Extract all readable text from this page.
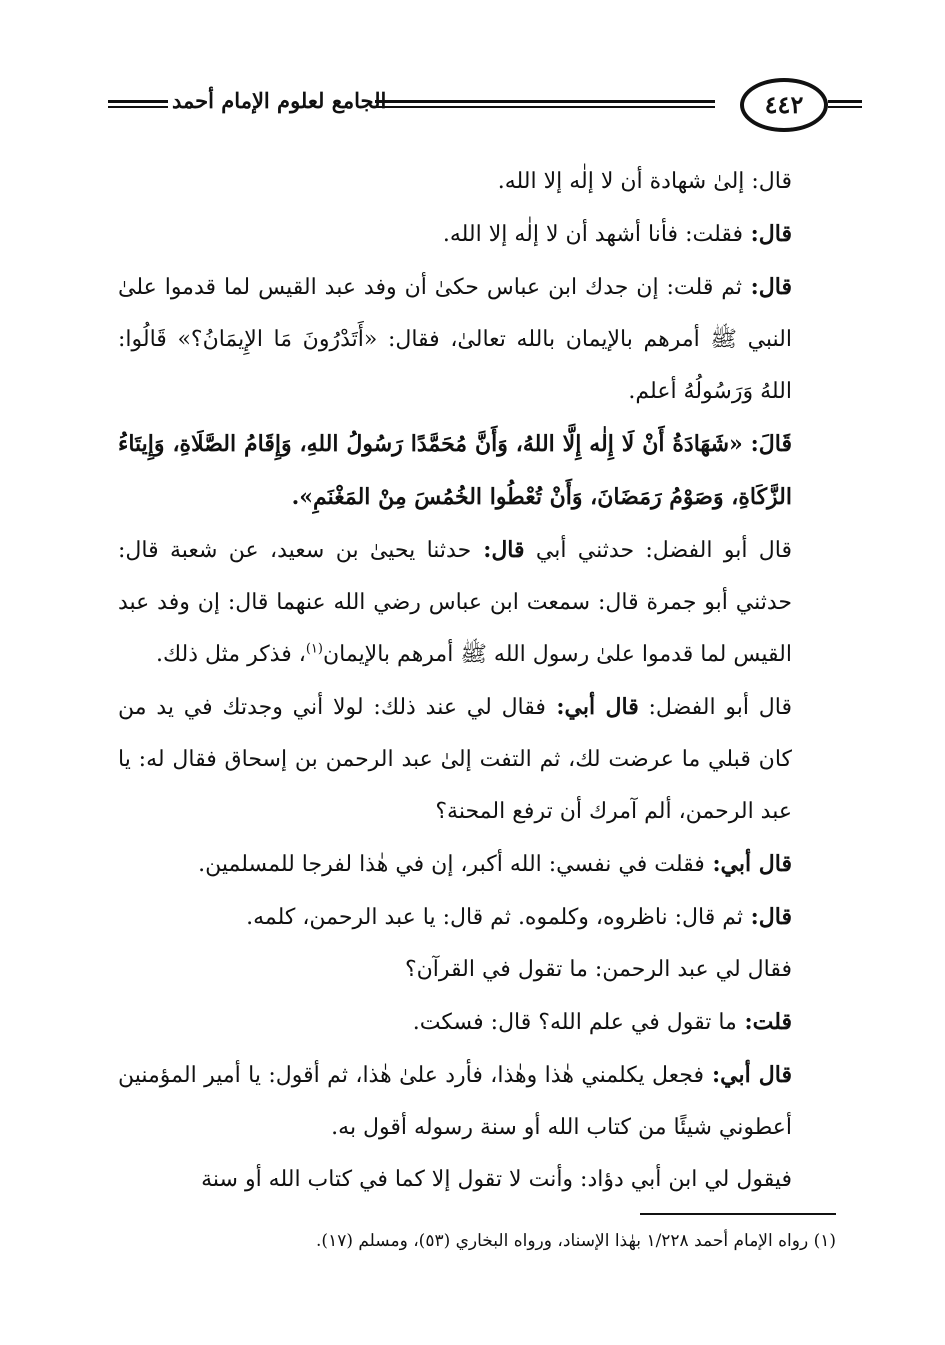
الجامع لعلوم الإمام أحمد	٤٤٢

قال: إلىٰ شهادة أن لا إلٰه إلا الله.

قال: فقلت: فأنا أشهد أن لا إلٰه إلا الله.

قال: ثم قلت: إن جدك ابن عباس حكىٰ أن وفد عبد القيس لما قدموا علىٰ النبي ﷺ أمرهم بالإيمان بالله تعالىٰ، فقال: «أَتَدْرُونَ مَا الإِيمَانُ؟» قَالُوا: اللهُ وَرَسُولُهُ أعلم.

قَالَ: «شَهَادَةُ أَنْ لَا إِلٰه إِلَّا اللهُ، وَأَنَّ مُحَمَّدًا رَسُولُ اللهِ، وَإِقَامُ الصَّلَاةِ، وَإِيتَاءُ الزَّكَاةِ، وَصَوْمُ رَمَضَانَ، وَأَنْ تُعْطُوا الخُمُسَ مِنْ المَغْنَمِ».

قال أبو الفضل: حدثني أبي قال: حدثنا يحيىٰ بن سعيد، عن شعبة قال: حدثني أبو جمرة قال: سمعت ابن عباس رضي الله عنهما قال: إن وفد عبد القيس لما قدموا علىٰ رسول الله ﷺ أمرهم بالإيمان$^{(١)}$، فذكر مثل ذلك.

قال أبو الفضل: قال أبي: فقال لي عند ذلك: لولا أني وجدتك في يد من كان قبلي ما عرضت لك، ثم التفت إلىٰ عبد الرحمن بن إسحاق فقال له: يا عبد الرحمن، ألم آمرك أن ترفع المحنة؟

قال أبي: فقلت في نفسي: الله أكبر، إن في هٰذا لفرجا للمسلمين.

قال: ثم قال: ناظروه، وكلموه. ثم قال: يا عبد الرحمن، كلمه.

فقال لي عبد الرحمن: ما تقول في القرآن؟

قلت: ما تقول في علم الله؟ قال: فسكت.

قال أبي: فجعل يكلمني هٰذا وهٰذا، فأرد علىٰ هٰذا، ثم أقول: يا أمير المؤمنين أعطوني شيئًا من كتاب الله أو سنة رسوله أقول به.

فيقول لي ابن أبي دؤاد: وأنت لا تقول إلا كما في كتاب الله أو سنة

(١) رواه الإمام أحمد ١/٢٢٨ بهٰذا الإسناد، ورواه البخاري (٥٣)، ومسلم (١٧).
